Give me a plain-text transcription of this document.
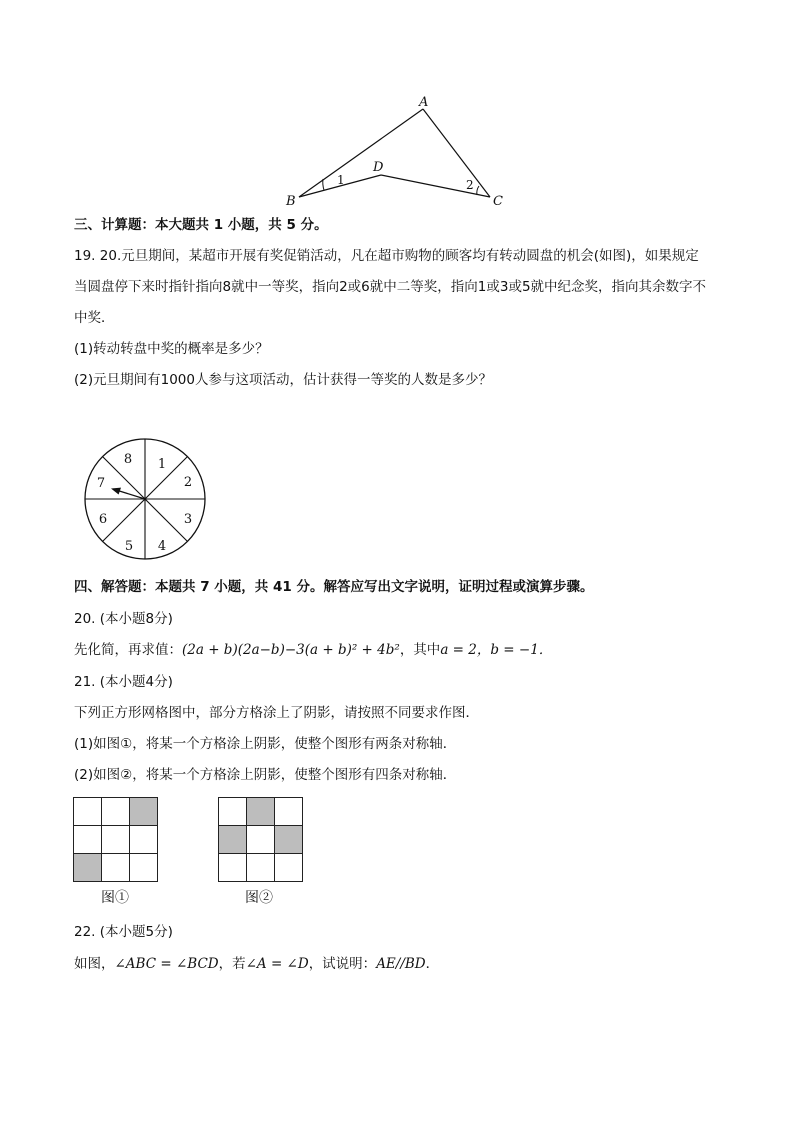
A
B	C
D
1	2
三、计算题：本大题共 1 小题，共 5 分。
19. 20.元旦期间，某超市开展有奖促销活动，凡在超市购物的顾客均有转动圆盘的机会(如图)，如果规定
当圆盘停下来时指针指向8就中一等奖，指向2或6就中二等奖，指向1或3或5就中纪念奖，指向其余数字不
中奖．
(1)转动转盘中奖的概率是多少？
(2)元旦期间有1000人参与这项活动，估计获得一等奖的人数是多少？
1
2
3
4
5
6
7
8
四、解答题：本题共 7 小题，共 41 分。解答应写出文字说明，证明过程或演算步骤。
20. (本小题8分)
先化简，再求值：(2a + b)(2a−b)−3(a + b)² + 4b²，其中a = 2，b = −1．
21. (本小题4分)
下列正方形网格图中，部分方格涂上了阴影，请按照不同要求作图．
(1)如图①，将某一个方格涂上阴影，使整个图形有两条对称轴．
(2)如图②，将某一个方格涂上阴影，使整个图形有四条对称轴．

图①

			图②
22. (本小题5分)
如图，∠ABC = ∠BCD，若∠A = ∠D，试说明：AE//BD．
